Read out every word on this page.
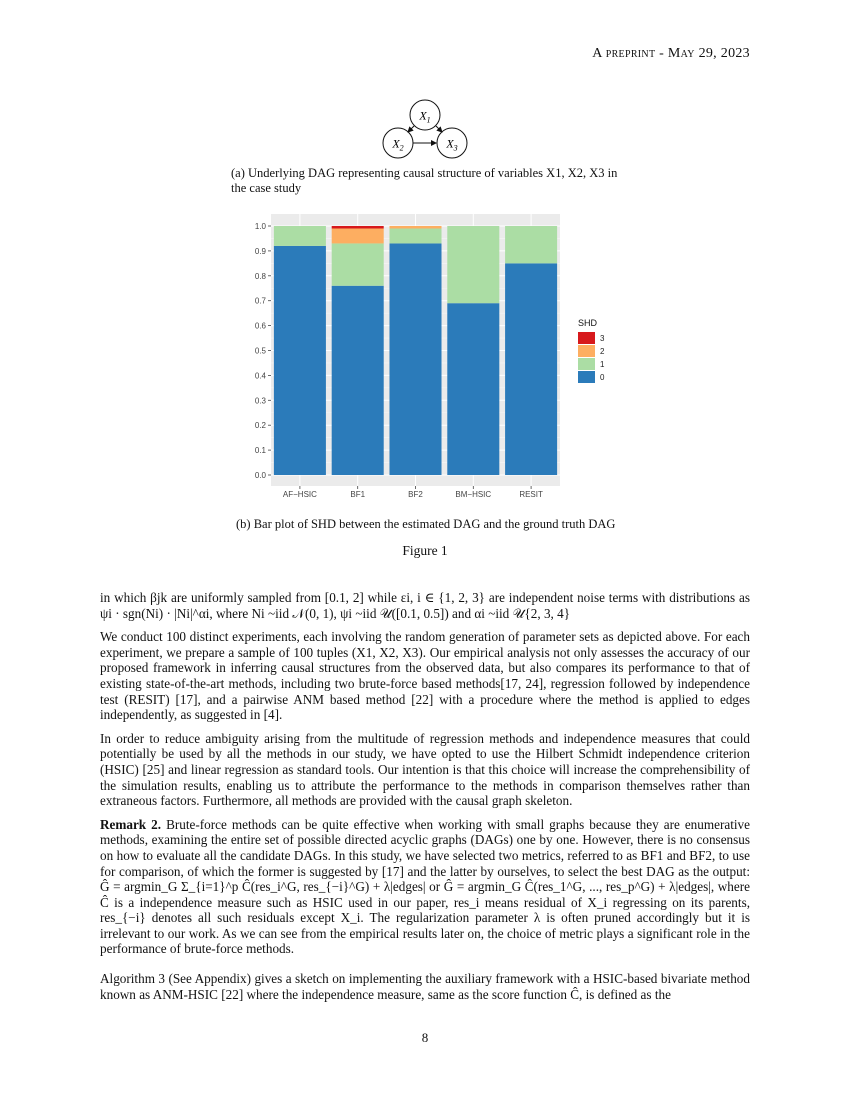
A preprint - May 29, 2023
$X_1$
$X_2$	$X_3$
(a) Underlying DAG representing causal structure of variables X1, X2, X3 in the case study
0.0
0.1
0.2
0.3
0.4
0.5
0.6
0.7
0.8
0.9
1.0
AF−HSIC	BF1	BF2	BM−HSIC	RESIT
SHD
3
2
1
0
(b) Bar plot of SHD between the estimated DAG and the ground truth DAG
Figure 1

in which βjk are uniformly sampled from [0.1, 2] while εi, i ∈ {1, 2, 3} are independent noise terms with distributions as ψi · sgn(Ni) · |Ni|^αi, where Ni ~iid 𝒩(0, 1), ψi ~iid 𝒰([0.1, 0.5]) and αi ~iid 𝒰{2, 3, 4}

We conduct 100 distinct experiments, each involving the random generation of parameter sets as depicted above. For each experiment, we prepare a sample of 100 tuples (X1, X2, X3). Our empirical analysis not only assesses the accuracy of our proposed framework in inferring causal structures from the observed data, but also compares its performance to that of existing state-of-the-art methods, including two brute-force based methods[17, 24], regression followed by independence test (RESIT) [17], and a pairwise ANM based method [22] with a procedure where the method is applied to edges independently, as suggested in [4].

In order to reduce ambiguity arising from the multitude of regression methods and independence measures that could potentially be used by all the methods in our study, we have opted to use the Hilbert Schmidt independence criterion (HSIC) [25] and linear regression as standard tools. Our intention is that this choice will increase the comprehensibility of the simulation results, enabling us to attribute the performance to the methods in comparison themselves rather than extraneous factors. Furthermore, all methods are provided with the causal graph skeleton.

Remark 2. Brute-force methods can be quite effective when working with small graphs because they are enumerative methods, examining the entire set of possible directed acyclic graphs (DAGs) one by one. However, there is no consensus on how to evaluate all the candidate DAGs. In this study, we have selected two metrics, referred to as BF1 and BF2, to use for comparison, of which the former is suggested by [17] and the latter by ourselves, to select the best DAG as the output: Ĝ = argmin_G Σ_{i=1}^p Ĉ(res_i^G, res_{−i}^G) + λ|edges| or Ĝ = argmin_G Ĉ(res_1^G, ..., res_p^G) + λ|edges|, where Ĉ is a independence measure such as HSIC used in our paper, res_i means residual of X_i regressing on its parents, res_{−i} denotes all such residuals except X_i. The regularization parameter λ is often pruned accordingly but it is irrelevant to our work. As we can see from the empirical results later on, the choice of metric plays a significant role in the performance of brute-force methods.

Algorithm 3 (See Appendix) gives a sketch on implementing the auxiliary framework with a HSIC-based bivariate method known as ANM-HSIC [22] where the independence measure, same as the score function Ĉ, is defined as the

8
